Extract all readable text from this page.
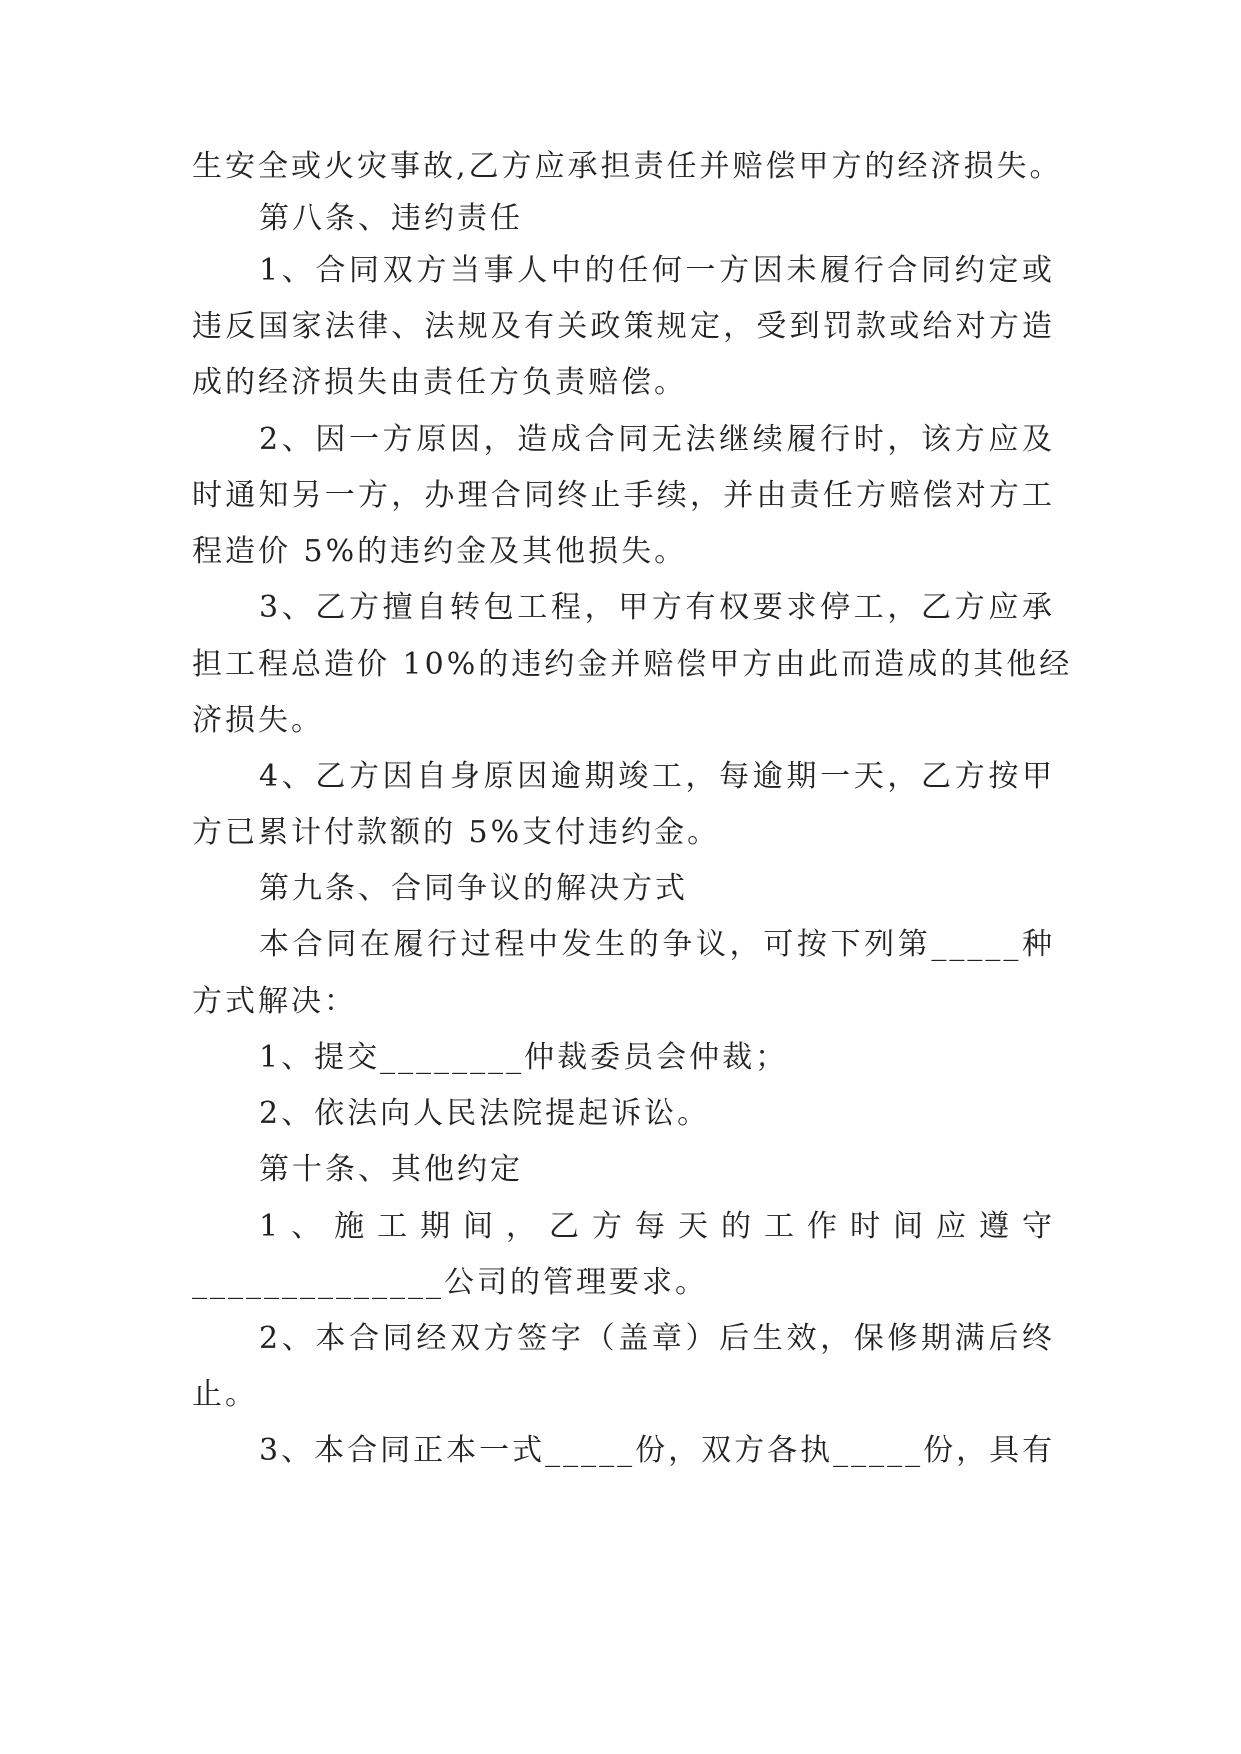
生安全或火灾事故,乙方应承担责任并赔偿甲方的经济损失。

第八条、违约责任

1、合同双方当事人中的任何一方因未履行合同约定或

违反国家法律、法规及有关政策规定，受到罚款或给对方造

成的经济损失由责任方负责赔偿。

2、因一方原因，造成合同无法继续履行时，该方应及

时通知另一方，办理合同终止手续，并由责任方赔偿对方工

程造价 5%的违约金及其他损失。

3、乙方擅自转包工程，甲方有权要求停工，乙方应承

担工程总造价 10%的违约金并赔偿甲方由此而造成的其他经

济损失。

4、乙方因自身原因逾期竣工，每逾期一天，乙方按甲

方已累计付款额的 5%支付违约金。

第九条、合同争议的解决方式

本合同在履行过程中发生的争议，可按下列第_____种

方式解决：

1、提交________仲裁委员会仲裁；

2、依法向人民法院提起诉讼。

第十条、其他约定

1、施工期间，乙方每天的工作时间应遵守

______________公司的管理要求。

2、本合同经双方签字（盖章）后生效，保修期满后终

止。

3、本合同正本一式_____份，双方各执_____份，具有
